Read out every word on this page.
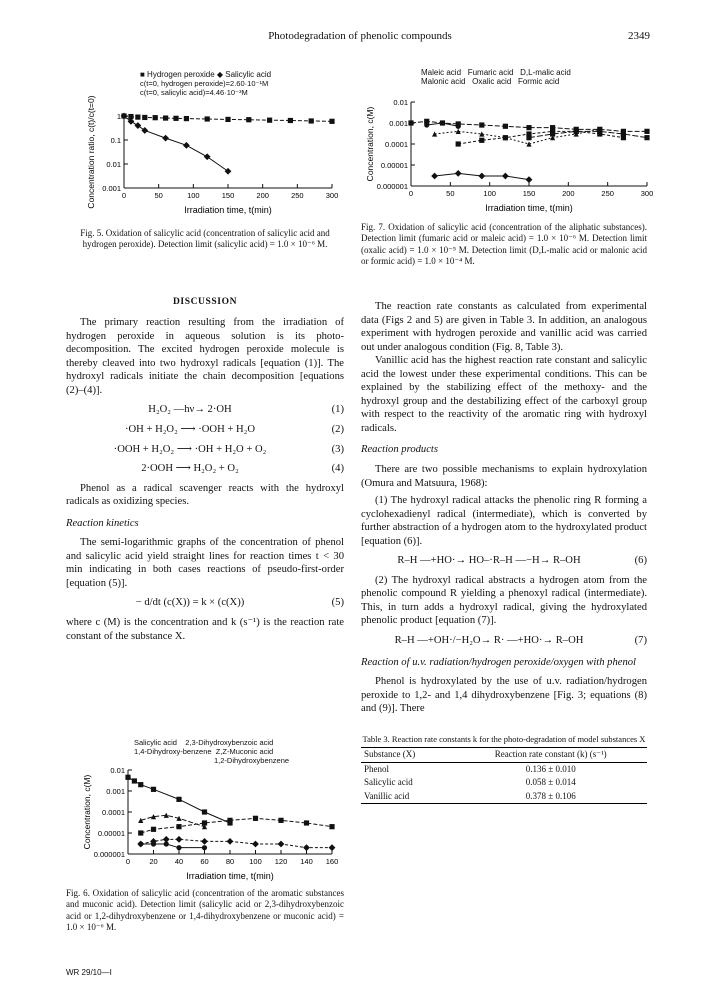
Photodegradation of phenolic compounds	2349
■ Hydrogen peroxide ◆ Salicylic acid
c(t=0, hydrogen peroxide)=2.60·10⁻¹M
c(t=0, salicylic acid)=4.46·10⁻³M
1
0.1
0.01
0.001
0	50	100	150	200	250	300
Irradiation time, t(min)
Concentration ratio, c(t)/c(t=0)

Fig. 5. Oxidation of salicylic acid (concentration of salicylic acid and hydrogen peroxide). Detection limit (salicylic acid) = 1.0 × 10⁻⁶ M.

Maleic acid Fumaric acid D,L-malic acid
Malonic acid Oxalic acid Formic acid
0.01
0.001
0.0001
0.00001
0.000001
0	50	100	150	200	250	300
Irradiation time, t(min)
Concentration, c(M)

Fig. 7. Oxidation of salicylic acid (concentration of the aliphatic substances). Detection limit (fumaric acid or maleic acid) = 1.0 × 10⁻⁶ M. Detection limit (oxalic acid) = 1.0 × 10⁻⁵ M. Detection limit (D,L-malic acid or malonic acid or formic acid) = 1.0 × 10⁻⁴ M.

DISCUSSION

The primary reaction resulting from the irradiation of hydrogen peroxide in aqueous solution is its photo-decomposition. The excited hydrogen peroxide molecule is thereby cleaved into two hydroxyl radicals [equation (1)]. The hydroxyl radicals initiate the chain decomposition [equations (2)–(4)].

H₂O₂ —hν→ 2·OH	(1)
·OH + H₂O₂ ⟶ ·OOH + H₂O	(2)
·OOH + H₂O₂ ⟶ ·OH + H₂O + O₂	(3)
2·OOH ⟶ H₂O₂ + O₂	(4)

Phenol as a radical scavenger reacts with the hydroxyl radicals as oxidizing species.

Reaction kinetics

The semi-logarithmic graphs of the concentration of phenol and salicylic acid yield straight lines for reaction times t < 30 min indicating in both cases reactions of pseudo-first-order [equation (5)].

− d/dt (c(X)) = k × (c(X))	(5)

where c (M) is the concentration and k (s⁻¹) is the reaction rate constant of the substance X.

Salicylic acid 2,3-Dihydroxybenzoic acid
1,4-Dihydroxy-benzene Z,Z-Muconic acid
1,2-Dihydroxybenzene
0.01
0.001
0.0001
0.00001
0.000001
0	20 40 60 80 100 120 140 160
Irradiation time, t(min)
Concentration, c(M)

Fig. 6. Oxidation of salicylic acid (concentration of the aromatic substances and muconic acid). Detection limit (salicylic acid or 2,3-dihydroxybenzoic acid or 1,2-dihydroxybenzene or 1,4-dihydroxybenzene or muconic acid) = 1.0 × 10⁻⁶ M.

The reaction rate constants as calculated from experimental data (Figs 2 and 5) are given in Table 3. In addition, an analogous experiment with hydrogen peroxide and vanillic acid was carried out under analogous condition (Fig. 8, Table 3).

Vanillic acid has the highest reaction rate constant and salicylic acid the lowest under these experimental conditions. This can be explained by the stabilizing effect of the methoxy- and the hydroxyl group and the destabilizing effect of the carboxyl group with respect to the reactivity of the aromatic ring with hydroxyl radicals.

Reaction products

There are two possible mechanisms to explain hydroxylation (Omura and Matsuura, 1968):

(1) The hydroxyl radical attacks the phenolic ring R forming a cyclohexadienyl radical (intermediate), which is converted by further abstraction of a hydrogen atom to the hydroxylated product [equation (6)].

R–H —+HO·→ HO–·R–H —−H→ R–OH	(6)

(2) The hydroxyl radical abstracts a hydrogen atom from the phenolic compound R yielding a phenoxyl radical (intermediate). This, in turn adds a hydroxyl radical, giving the hydroxylated phenolic product [equation (7)].

R–H —+OH·/−H₂O→ R· —+HO·→ R–OH	(7)
Reaction of u.v. radiation/hydrogen peroxide/oxygen with phenol

Phenol is hydroxylated by the use of u.v. radiation/hydrogen peroxide to 1,2- and 1,4 dihydroxybenzene [Fig. 3; equations (8) and (9)]. There

Table 3. Reaction rate constants k for the photo-degradation of model substances X
Substance (X)	Reaction rate constant (k) (s⁻¹)
Phenol	0.136 ± 0.010
Salicylic acid	0.058 ± 0.014
Vanillic acid	0.378 ± 0.106
WR 29/10—I
